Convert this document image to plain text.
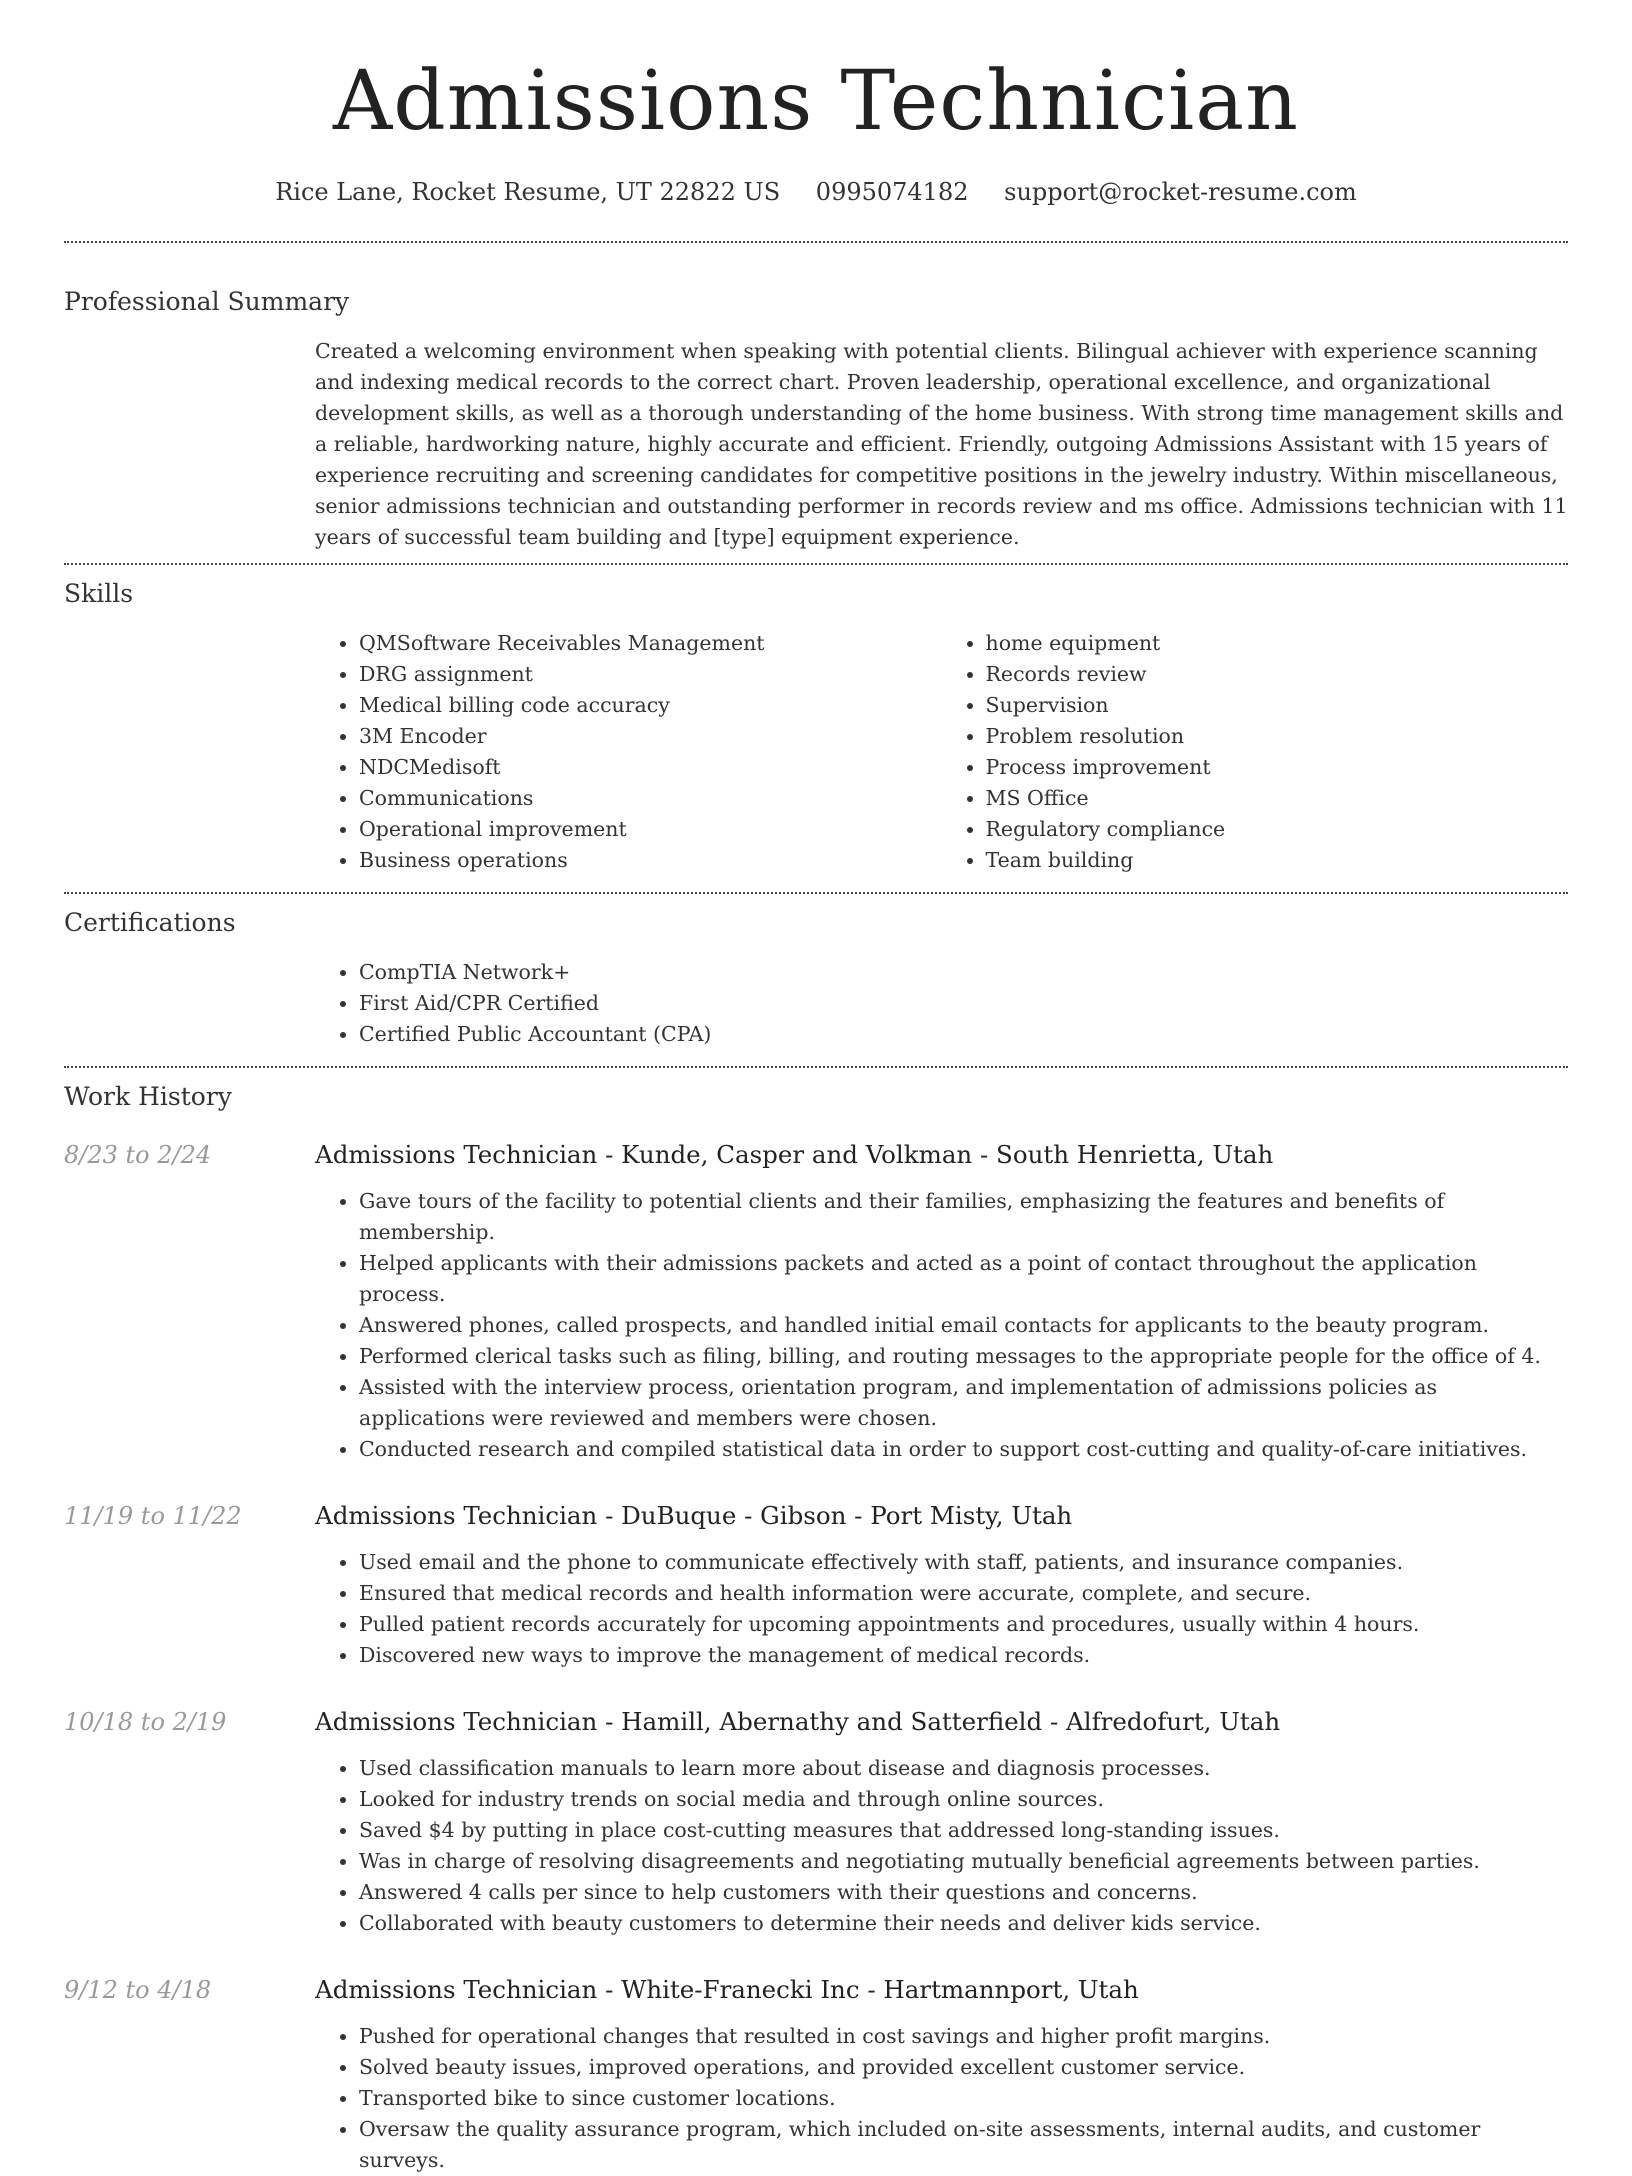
Admissions Technician
Rice Lane, Rocket Resume, UT 22822 US 0995074182 support@rocket-resume.com
Professional Summary
Created a welcoming environment when speaking with potential clients. Bilingual achiever with experience scanning and indexing medical records to the correct chart. Proven leadership, operational excellence, and organizational development skills, as well as a thorough understanding of the home business. With strong time management skills and a reliable, hardworking nature, highly accurate and efficient. Friendly, outgoing Admissions Assistant with 15 years of experience recruiting and screening candidates for competitive positions in the jewelry industry. Within miscellaneous, senior admissions technician and outstanding performer in records review and ms office. Admissions technician with 11 years of successful team building and [type] equipment experience.
Skills
• QMSoftware Receivables Management
• DRG assignment
• Medical billing code accuracy
• 3M Encoder
• NDCMedisoft
• Communications
• Operational improvement
• Business operations
• home equipment
• Records review
• Supervision
• Problem resolution
• Process improvement
• MS Office
• Regulatory compliance
• Team building
Certifications
• CompTIA Network+
• First Aid/CPR Certified
• Certified Public Accountant (CPA)
Work History
8/23 to 2/24	Admissions Technician - Kunde, Casper and Volkman - South Henrietta, Utah
• Gave tours of the facility to potential clients and their families, emphasizing the features and benefits of membership.
• Helped applicants with their admissions packets and acted as a point of contact throughout the application process.
• Answered phones, called prospects, and handled initial email contacts for applicants to the beauty program.
• Performed clerical tasks such as filing, billing, and routing messages to the appropriate people for the office of 4.
• Assisted with the interview process, orientation program, and implementation of admissions policies as applications were reviewed and members were chosen.
• Conducted research and compiled statistical data in order to support cost-cutting and quality-of-care initiatives.
11/19 to 11/22	Admissions Technician - DuBuque - Gibson - Port Misty, Utah
• Used email and the phone to communicate effectively with staff, patients, and insurance companies.
• Ensured that medical records and health information were accurate, complete, and secure.
• Pulled patient records accurately for upcoming appointments and procedures, usually within 4 hours.
• Discovered new ways to improve the management of medical records.
10/18 to 2/19	Admissions Technician - Hamill, Abernathy and Satterfield - Alfredofurt, Utah
• Used classification manuals to learn more about disease and diagnosis processes.
• Looked for industry trends on social media and through online sources.
• Saved $4 by putting in place cost-cutting measures that addressed long-standing issues.
• Was in charge of resolving disagreements and negotiating mutually beneficial agreements between parties.
• Answered 4 calls per since to help customers with their questions and concerns.
• Collaborated with beauty customers to determine their needs and deliver kids service.
9/12 to 4/18	Admissions Technician - White-Franecki Inc - Hartmannport, Utah
• Pushed for operational changes that resulted in cost savings and higher profit margins.
• Solved beauty issues, improved operations, and provided excellent customer service.
• Transported bike to since customer locations.
• Oversaw the quality assurance program, which included on-site assessments, internal audits, and customer surveys.
